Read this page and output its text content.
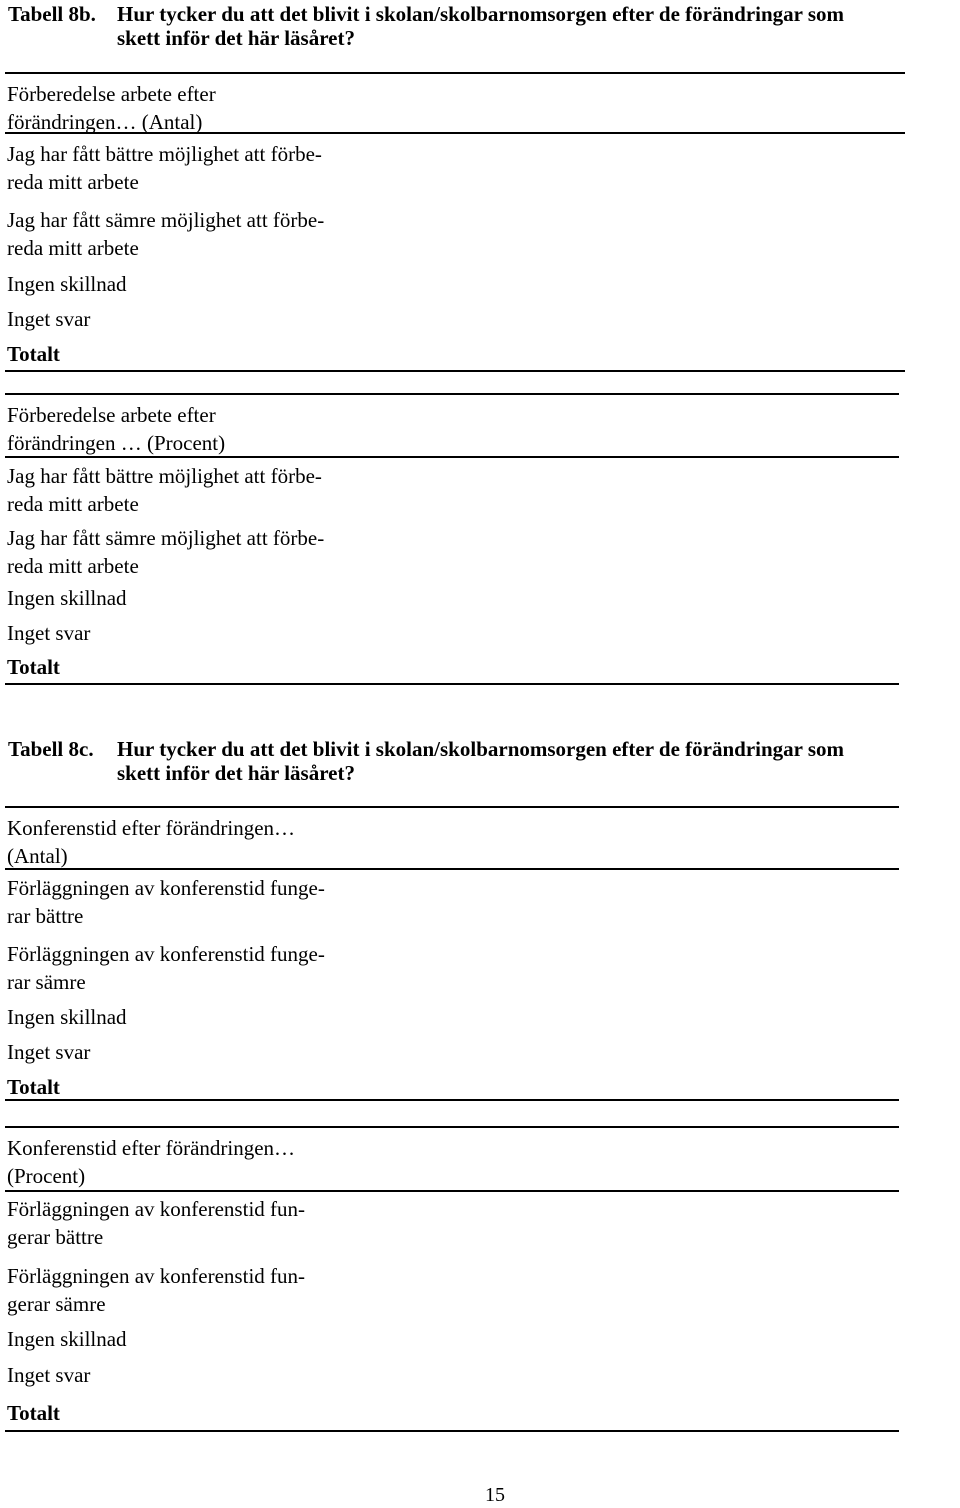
Tabell 8b. Hur tycker du att det blivit i skolan/skolbarnomsorgen efter de förändringar som
skett inför det här läsåret?
Förberedelse arbete efter
förändringen… (Antal)
Jag har fått bättre möjlighet att förbe-
reda mitt arbete
Jag har fått sämre möjlighet att förbe-
reda mitt arbete
Ingen skillnad
Inget svar
Totalt
Förberedelse arbete efter
förändringen … (Procent)
Jag har fått bättre möjlighet att förbe-
reda mitt arbete
Jag har fått sämre möjlighet att förbe-
reda mitt arbete
Ingen skillnad
Inget svar
Totalt
Tabell 8c. Hur tycker du att det blivit i skolan/skolbarnomsorgen efter de förändringar som
skett inför det här läsåret?
Konferenstid efter förändringen…
(Antal)
Förläggningen av konferenstid funge-
rar bättre
Förläggningen av konferenstid funge-
rar sämre
Ingen skillnad
Inget svar
Totalt
Konferenstid efter förändringen…
(Procent)
Förläggningen av konferenstid fun-
gerar bättre
Förläggningen av konferenstid fun-
gerar sämre
Ingen skillnad
Inget svar
Totalt
15
